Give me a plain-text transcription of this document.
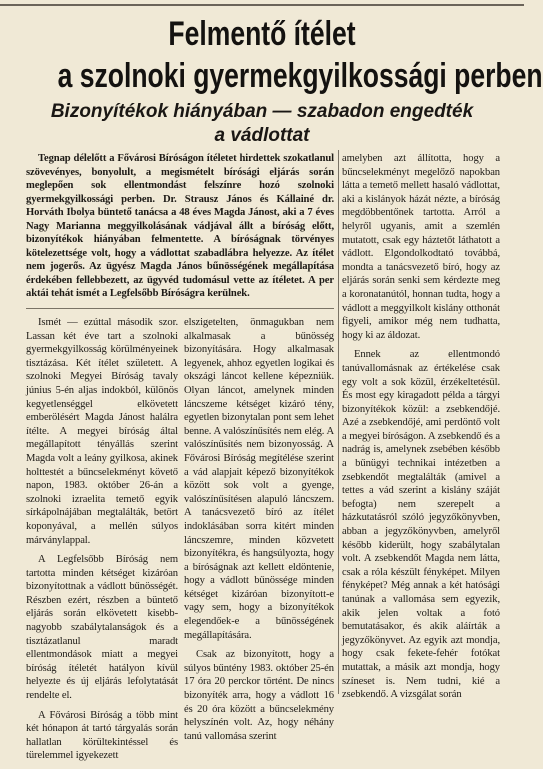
Felmentő ítélet
a szolnoki gyermekgyilkossági perben
Bizonyítékok hiányában — szabadon engedték
a vádlottat

Tegnap délelőtt a Fővárosi Bíróságon ítéletet hirdettek szokatlanul szövevényes, bonyolult, a megismételt bírósági eljárás során meglepően sok ellentmondást felszínre hozó szolnoki gyermekgyilkossági perben. Dr. Strausz János és Kállainé dr. Horváth Ibolya büntető tanácsa a 48 éves Magda Jánost, aki a 7 éves Nagy Marianna meggyilkolásának vádjával állt a bíróság előtt, bizonyítékok hiányában felmentette. A bíróságnak törvényes kötelezettsége volt, hogy a vádlottat szabadlábra helyezze. Az ítélet nem jogerős. Az ügyész Magda János bűnösségének megállapítása érdekében fellebbezett, az ügyvéd tudomásul vette az ítéletet. A per aktái tehát ismét a Legfelsőbb Bíróságra kerülnek.

Ismét — ezúttal második szor. Lassan két éve tart a szolnoki gyermekgyilkosság körülményeinek tisztázása. Két ítélet született. A szolnoki Megyei Bíróság tavaly június 5-én aljas indokból, különös kegyetlenséggel elkövetett emberölésért Magda Jánost halálra ítélte. A megyei bíróság által megállapított tényállás szerint Magda volt a leány gyilkosa, akinek holttestét a bűncselekményt követő napon, 1983. október 26-án a szolnoki izraelita temető egyik sírkápolnájában megtalálták, betört koponyával, a mellén súlyos márványlappal.

A Legfelsőbb Bíróság nem tartotta minden kétséget kizáróan bizonyítottnak a vádlott bűnösségét. Részben ezért, részben a büntető eljárás során elkövetett kisebb-nagyobb szabálytalanságok és a tisztázatlanul maradt ellentmondások miatt a megyei bíróság ítéletét hatályon kívül helyezte és új eljárás lefolytatását rendelte el.

A Fővárosi Bíróság a több mint két hónapon át tartó tárgyalás során hallatlan körültekintéssel és türelemmel igyekezett

elszigetelten, önmagukban nem alkalmasak a bűnösség bizonyítására. Hogy alkalmasak legyenek, ahhoz egyetlen logikai és okszági láncot kellene képezniük. Olyan láncot, amelynek minden láncszeme kétséget kizáró tény, egyetlen bizonytalan pont sem lehet benne. A valószínűsítés nem elég. A valószínűsítés nem bizonyosság. A Fővárosi Bíróság megítélése szerint a vád alapjait képező bizonyítékok között sok volt a gyenge, valószínűsítésen alapuló láncszem. A tanácsvezető bíró az ítélet indoklásában sorra kitért minden láncszemre, minden közvetett bizonyítékra, és hangsúlyozta, hogy a bíróságnak azt kellett eldöntenie, hogy a vádlott bűnössége minden kétséget kizáróan bizonyított-e vagy sem, hogy a bizonyítékok elegendőek-e a bűnösségének megállapítására.

Csak az bizonyított, hogy a súlyos bűntény 1983. október 25-én 17 óra 20 perckor történt. De nincs bizonyíték arra, hogy a vádlott 16 és 20 óra között a bűncselekmény helyszínén volt. Az, hogy néhány tanú vallomása szerint

amelyben azt állította, hogy a bűncselekményt megelőző napokban látta a temető mellett hasaló vádlottat, aki a kislányok házát nézte, a bíróság megdöbbentőnek tartotta. Arról a helyről ugyanis, amit a szemlén mutatott, csak egy háztetőt láthatott a vádlott. Elgondolkodtató továbbá, mondta a tanácsvezető bíró, hogy az eljárás során senki sem kérdezte meg a koronatanútól, honnan tudta, hogy a vádlott a meggyilkolt kislány otthonát figyeli, amikor még nem tudhatta, hogy ki az áldozat.

Ennek az ellentmondó tanúvallomásnak az értékelése csak egy volt a sok közül, érzékeltetésül. És most egy kiragadott példa a tárgyi bizonyítékok közül: a zsebkendőjé. Azé a zsebkendőjé, ami perdöntő volt a megyei bíróságon. A zsebkendő és a nadrág is, amelynek zsebében később a bűnügyi technikai intézetben a zsebkendőt megtalálták (amivel a tettes a vád szerint a kislány száját befogta) nem szerepelt a házkutatásról szóló jegyzőkönyvben, abban a jegyzőkönyvben, amelyről később kiderült, hogy szabálytalan volt. A zsebkendőt Magda nem látta, csak a rólа készült fényképet. Milyen fényképet? Még annak a két hatósági tanúnak a vallomása sem egyezik, akik jelen voltak a fotó bemutatásakor, és akik aláírták a jegyzőkönyvet. Az egyik azt mondja, hogy csak fekete-fehér fotókat mutattak, a másik azt mondja, hogy színeset is. Nem tudni, kié a zsebkendő. A vizsgálat során
